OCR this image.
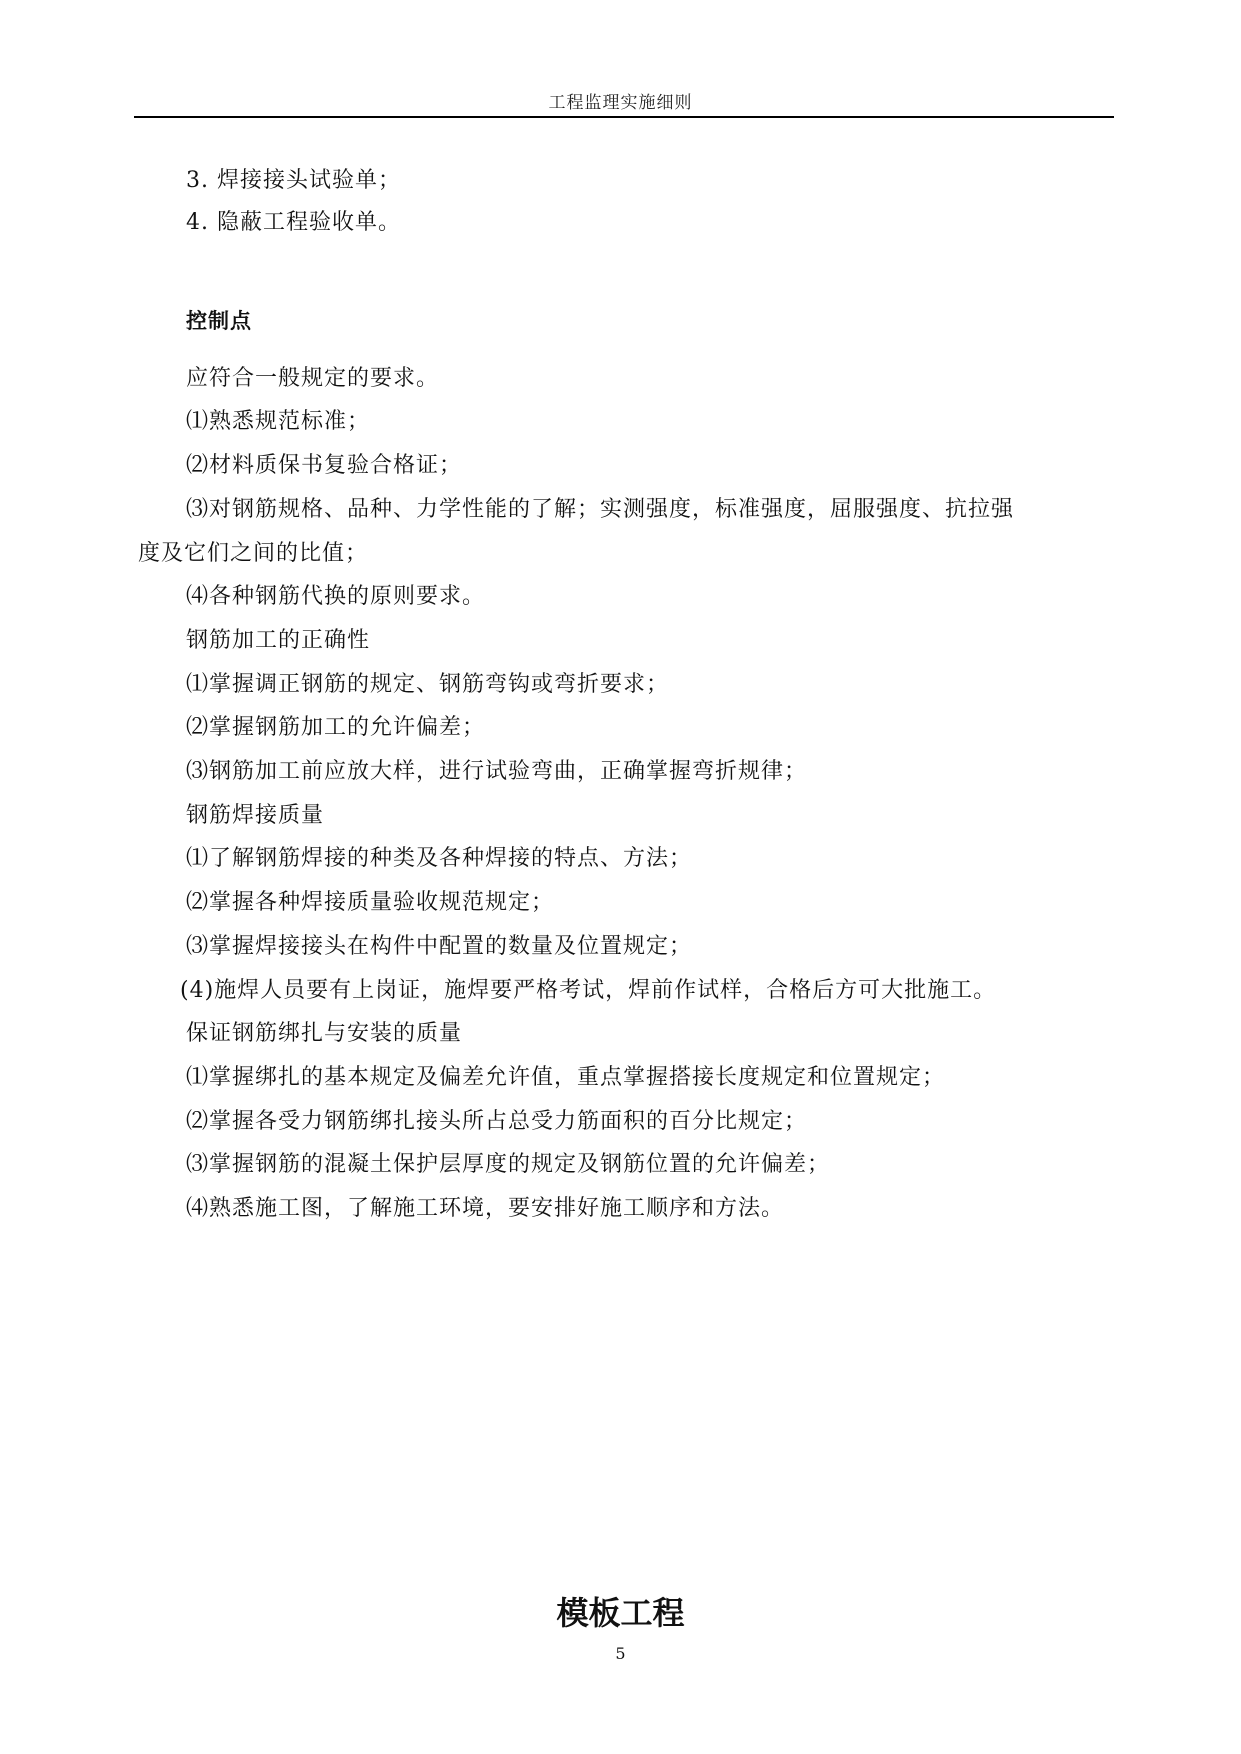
工程监理实施细则
3. 焊接接头试验单；
4. 隐蔽工程验收单。
控制点
应符合一般规定的要求。
⑴熟悉规范标准；
⑵材料质保书复验合格证；
⑶对钢筋规格、品种、力学性能的了解；实测强度，标准强度，屈服强度、抗拉强
度及它们之间的比值；
⑷各种钢筋代换的原则要求。
钢筋加工的正确性
⑴掌握调正钢筋的规定、钢筋弯钩或弯折要求；
⑵掌握钢筋加工的允许偏差；
⑶钢筋加工前应放大样，进行试验弯曲，正确掌握弯折规律；
钢筋焊接质量
⑴了解钢筋焊接的种类及各种焊接的特点、方法；
⑵掌握各种焊接质量验收规范规定；
⑶掌握焊接接头在构件中配置的数量及位置规定；
(4)施焊人员要有上岗证，施焊要严格考试，焊前作试样，合格后方可大批施工。
保证钢筋绑扎与安装的质量
⑴掌握绑扎的基本规定及偏差允许值，重点掌握搭接长度规定和位置规定；
⑵掌握各受力钢筋绑扎接头所占总受力筋面积的百分比规定；
⑶掌握钢筋的混凝土保护层厚度的规定及钢筋位置的允许偏差；
⑷熟悉施工图，了解施工环境，要安排好施工顺序和方法。
模板工程
5
